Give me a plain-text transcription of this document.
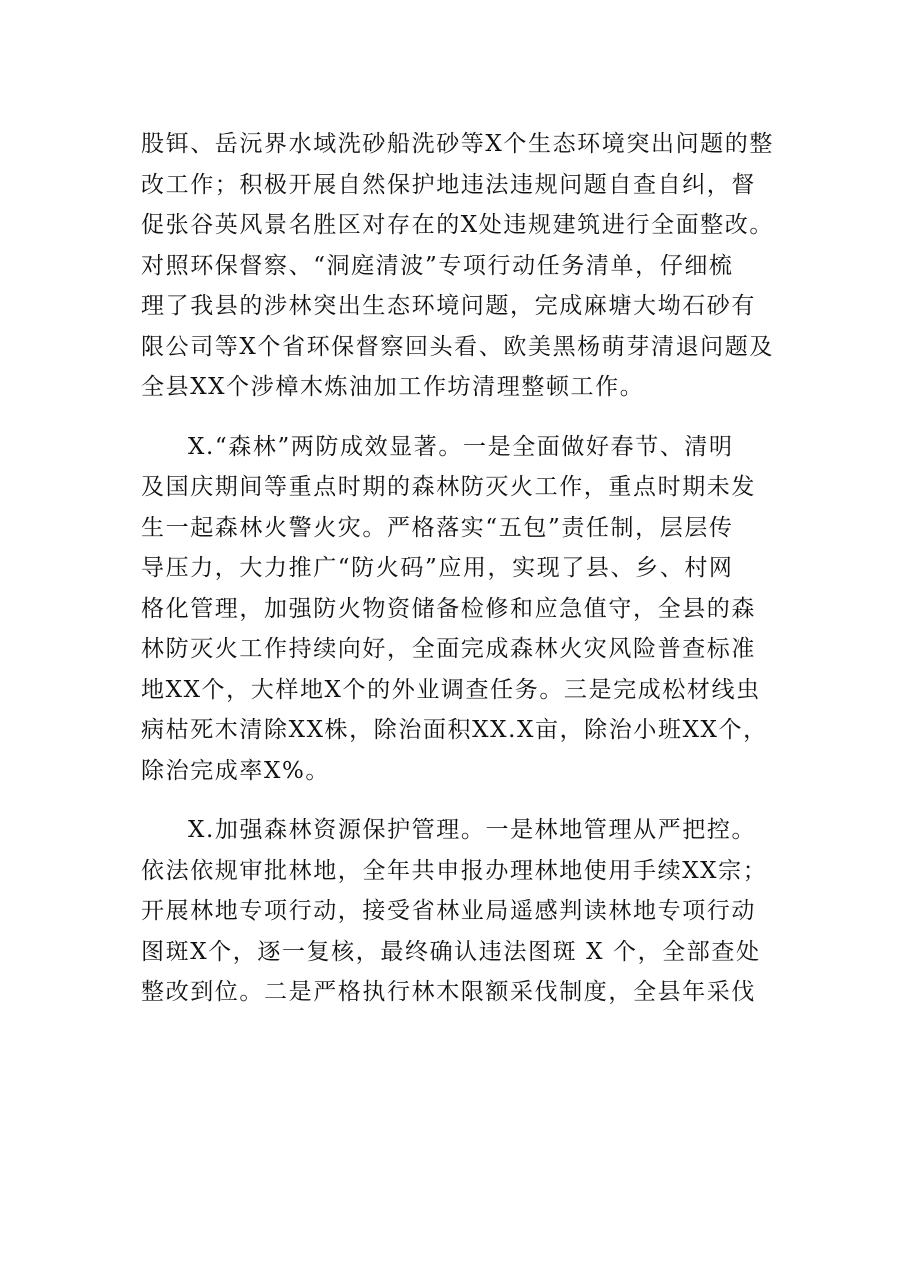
股铒、岳沅界水域洗砂船洗砂等X个生态环境突出问题的整
改工作；积极开展自然保护地违法违规问题自查自纠，督
促张谷英风景名胜区对存在的X处违规建筑进行全面整改。
对照环保督察、“洞庭清波”专项行动任务清单，仔细梳
理了我县的涉林突出生态环境问题，完成麻塘大坳石砂有
限公司等X个省环保督察回头看、欧美黑杨萌芽清退问题及
全县XX个涉樟木炼油加工作坊清理整顿工作。
X.“森林”两防成效显著。一是全面做好春节、清明
及国庆期间等重点时期的森林防灭火工作，重点时期未发
生一起森林火警火灾。严格落实“五包”责任制，层层传
导压力，大力推广“防火码”应用，实现了县、乡、村网
格化管理，加强防火物资储备检修和应急值守，全县的森
林防灭火工作持续向好，全面完成森林火灾风险普查标准
地XX个，大样地X个的外业调查任务。三是完成松材线虫
病枯死木清除XX株，除治面积XX.X亩，除治小班XX个，
除治完成率X%。
X.加强森林资源保护管理。一是林地管理从严把控。
依法依规审批林地，全年共申报办理林地使用手续XX宗；
开展林地专项行动，接受省林业局遥感判读林地专项行动
图斑X个，逐一复核，最终确认违法图斑 X 个，全部查处
整改到位。二是严格执行林木限额采伐制度，全县年采伐
